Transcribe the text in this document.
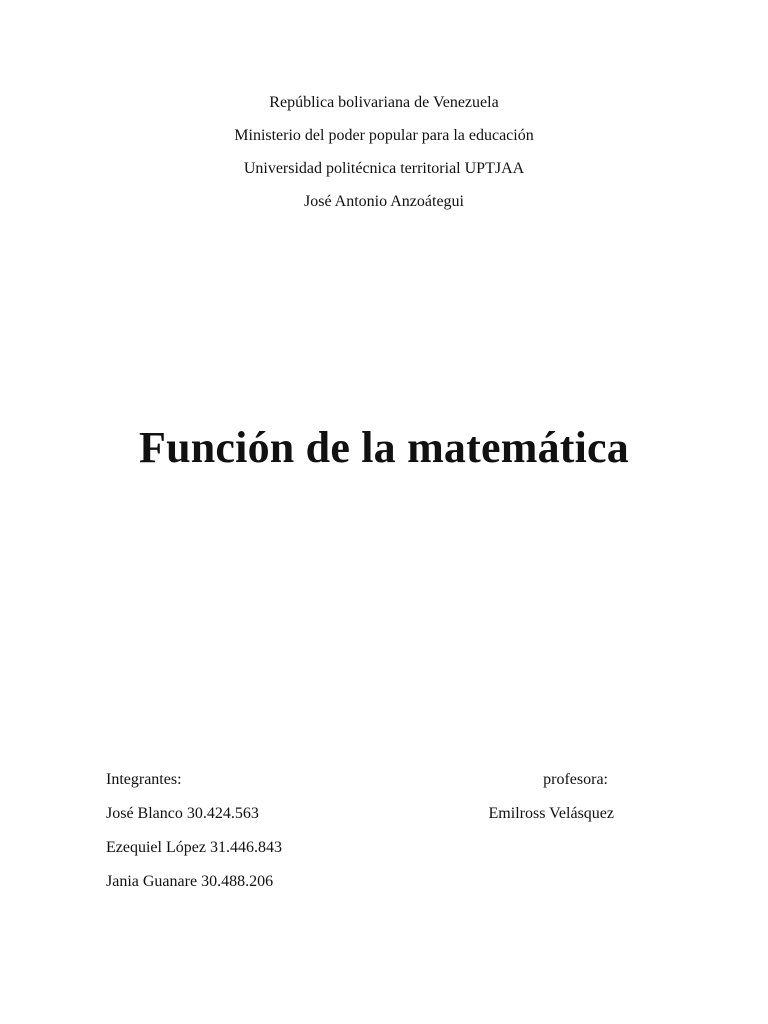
República bolivariana de Venezuela
Ministerio del poder popular para la educación
Universidad politécnica territorial UPTJAA
José Antonio Anzoátegui
Función de la matemática
Integrantes:
José Blanco 30.424.563
Ezequiel López 31.446.843
Jania Guanare 30.488.206
profesora:
Emilross Velásquez
